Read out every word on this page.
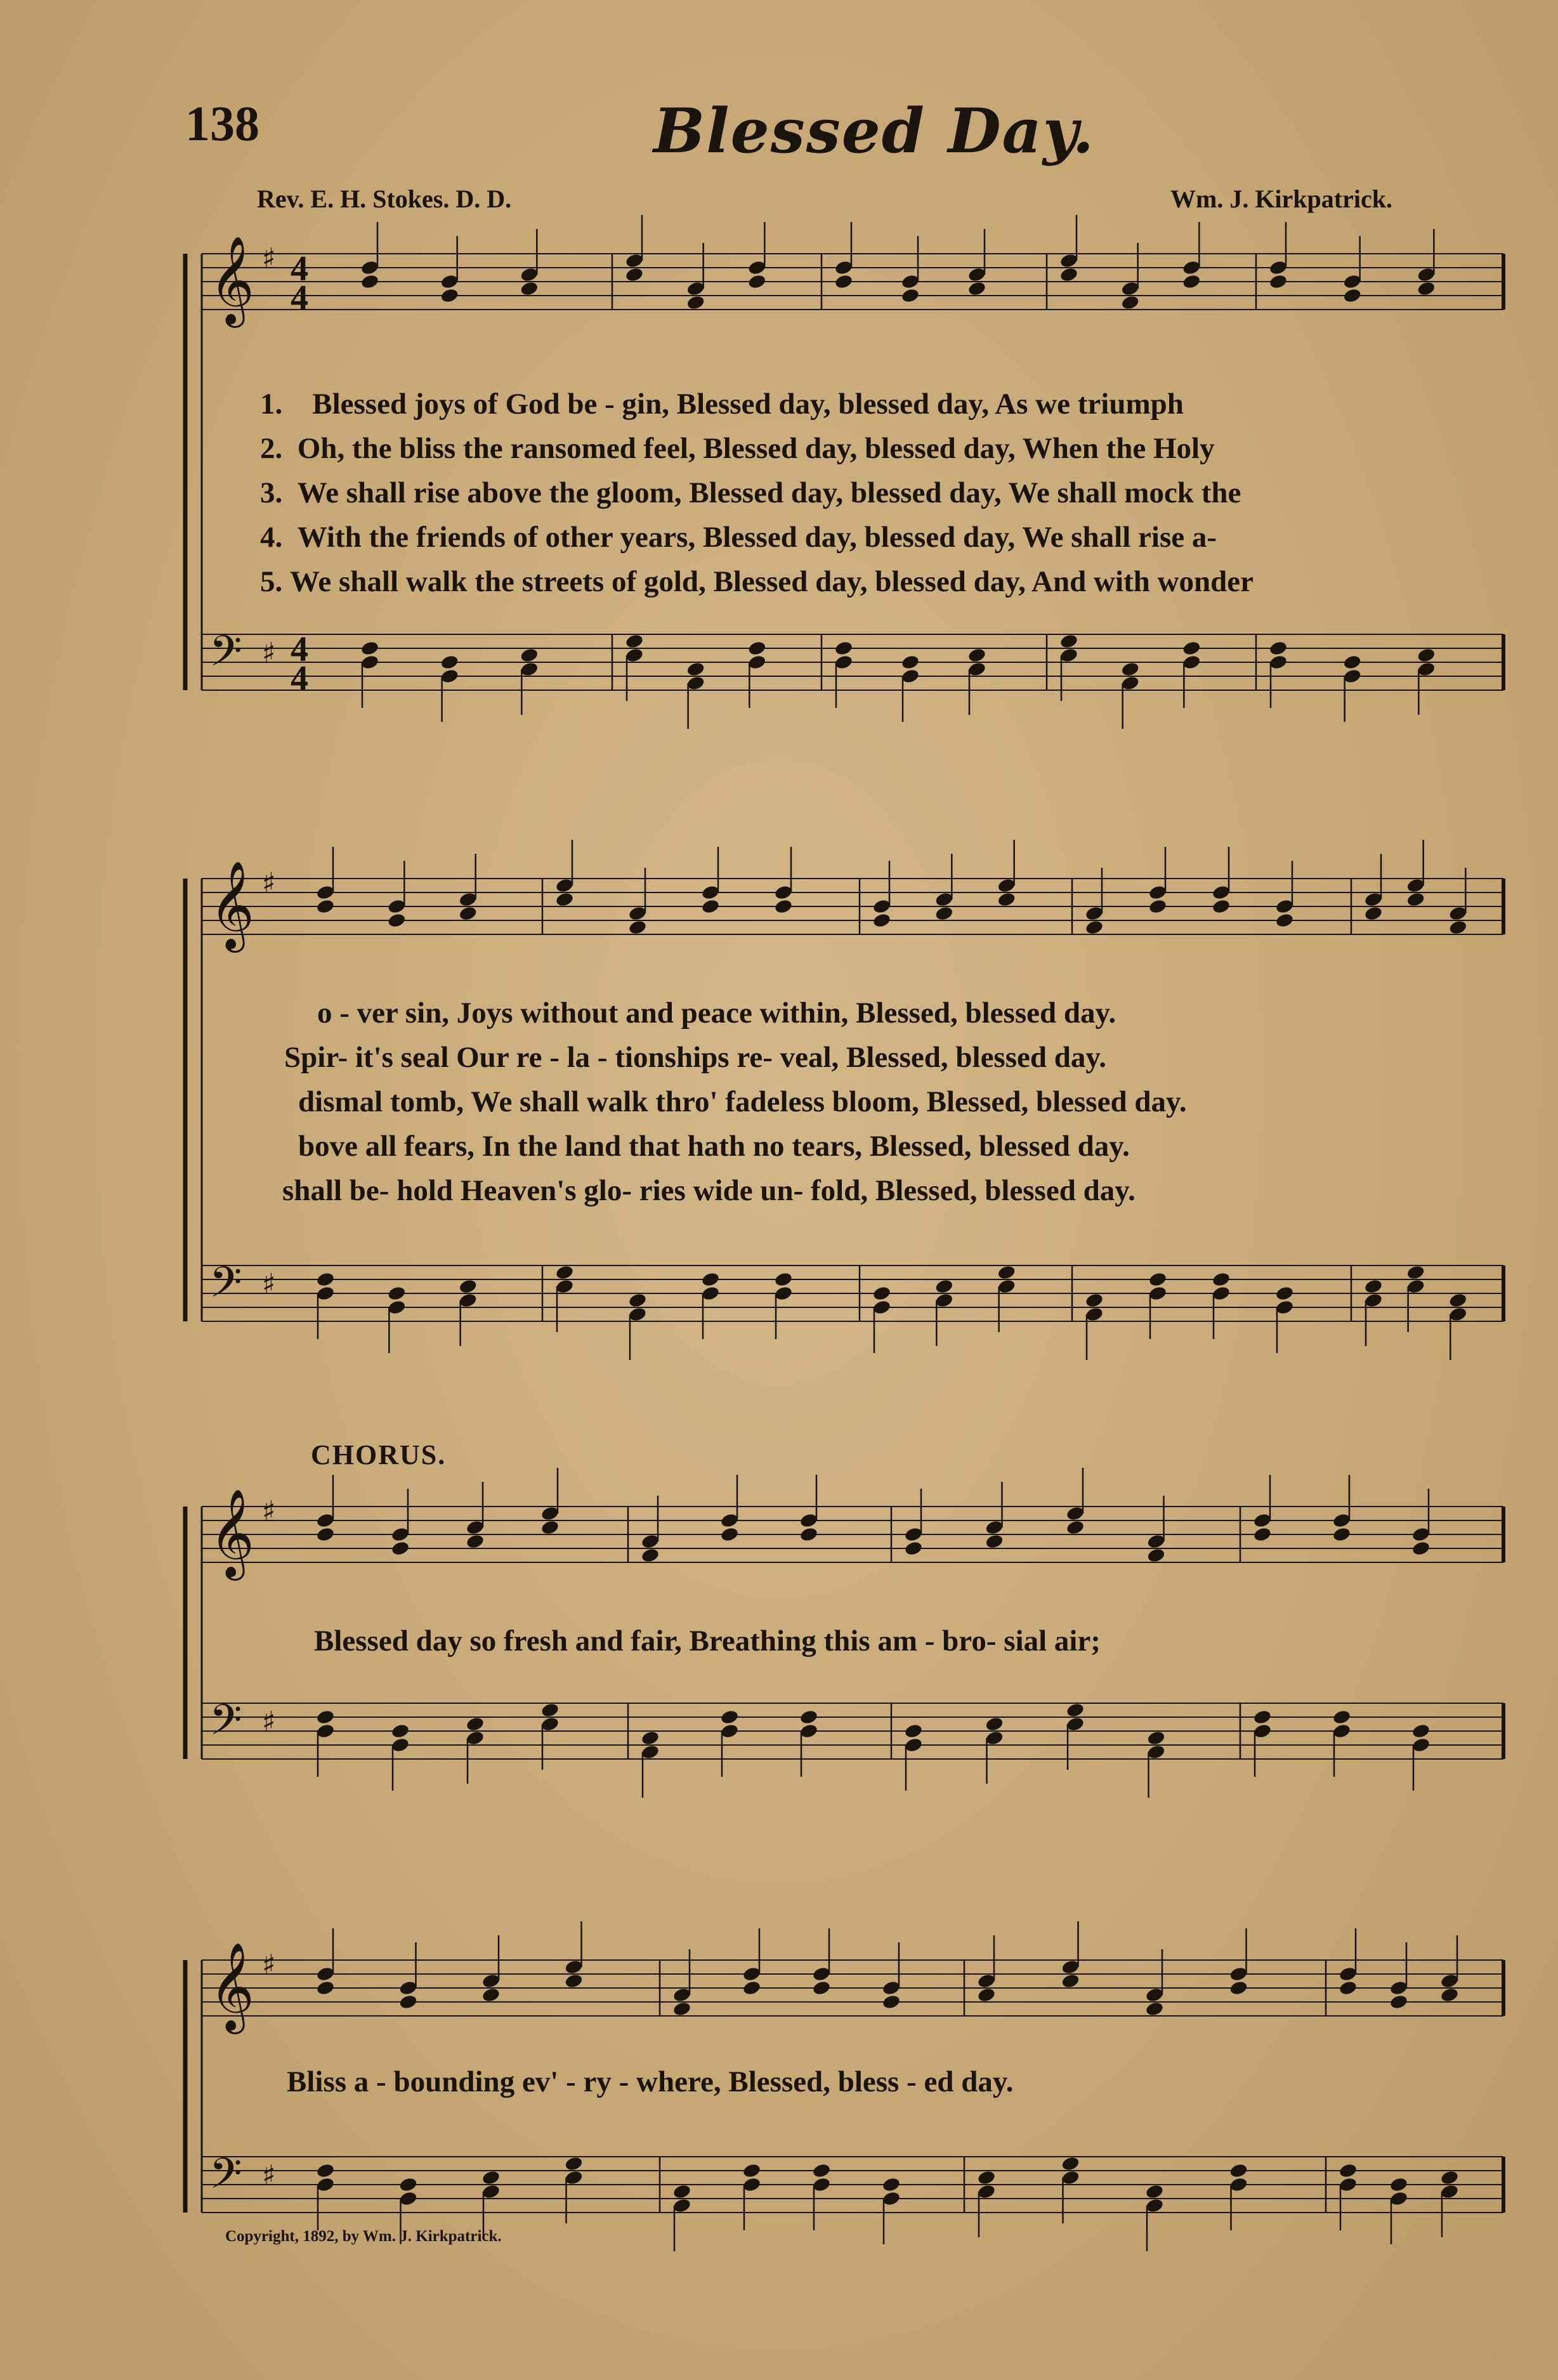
138	Blessed Day.
Rev. E. H. Stokes. D. D.	Wm. J. Kirkpatrick.
𝄞 ♯
𝄢 ♯
4
4
4
4
𝄞 ♯
𝄢 ♯
𝄞 ♯
𝄢 ♯
𝄞 ♯
𝄢 ♯
1. Blessed joys of God be - gin, Blessed day, blessed day, As we triumph
2. Oh, the bliss the ransomed feel, Blessed day, blessed day, When the Holy
3. We shall rise above the gloom, Blessed day, blessed day, We shall mock the
4. With the friends of other years, Blessed day, blessed day, We shall rise a-
5. We shall walk the streets of gold, Blessed day, blessed day, And with wonder
o - ver sin, Joys without and peace within, Blessed, blessed day.
Spir- it's seal Our re - la - tionships re- veal, Blessed, blessed day.
dismal tomb, We shall walk thro' fadeless bloom, Blessed, blessed day.
bove all fears, In the land that hath no tears, Blessed, blessed day.
shall be- hold Heaven's glo- ries wide un- fold, Blessed, blessed day.
CHORUS.
Blessed day so fresh and fair, Breathing this am - bro- sial air;
Bliss a - bounding ev' - ry - where, Blessed, bless - ed day.
Copyright, 1892, by Wm. J. Kirkpatrick.
